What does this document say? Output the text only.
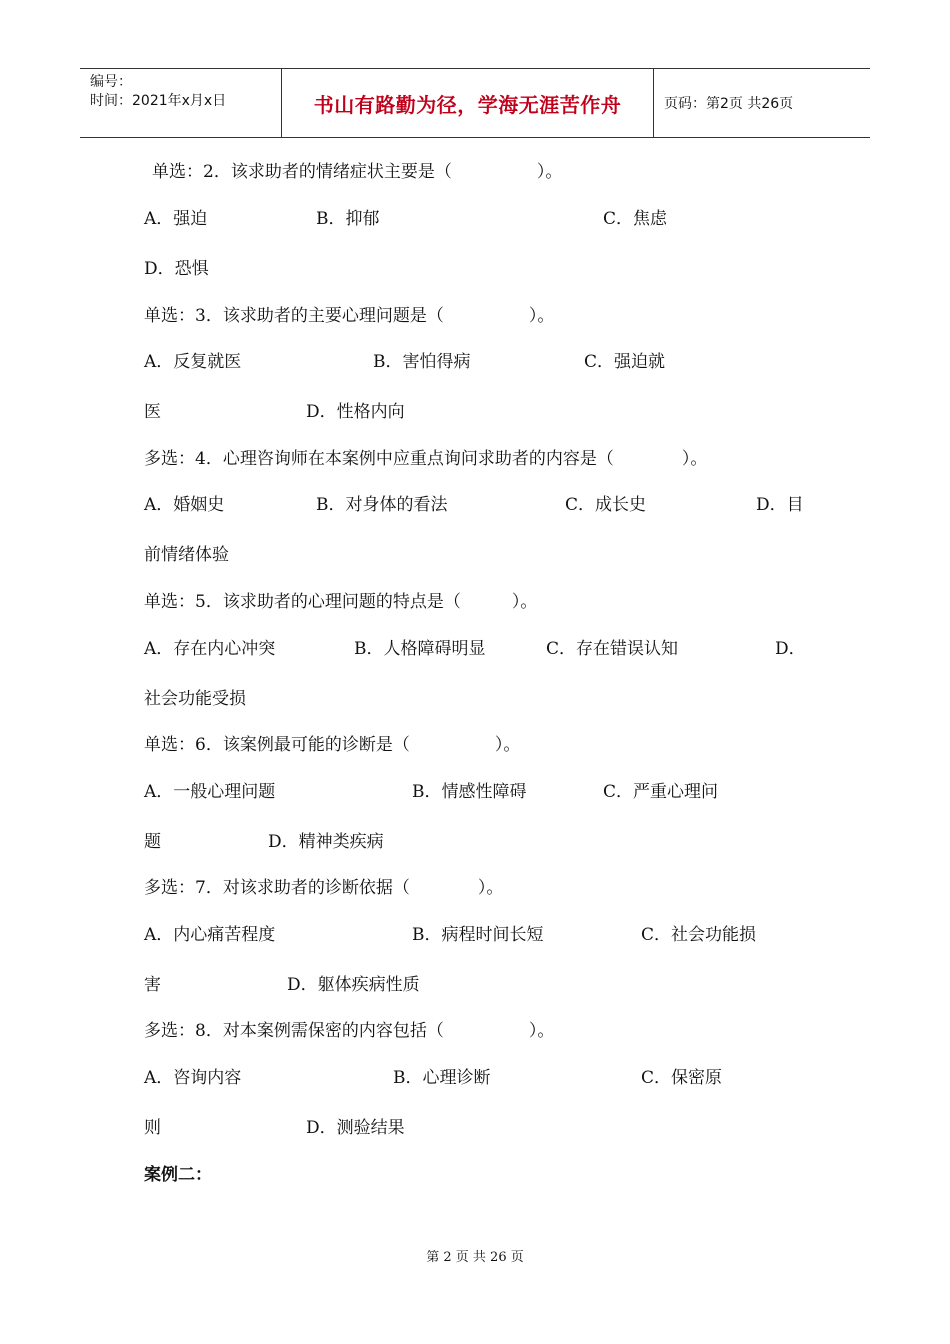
编号：
时间：2021年x月x日	书山有路勤为径，学海无涯苦作舟	页码：第2页 共26页
单选：2．该求助者的情绪症状主要是（　　　　　）。
A．强迫	B．抑郁	C．焦虑
D．恐惧
单选：3．该求助者的主要心理问题是（　　　　　）。
A．反复就医	B．害怕得病	C．强迫就
医	D．性格内向
多选：4．心理咨询师在本案例中应重点询问求助者的内容是（　　　　）。
A．婚姻史	B．对身体的看法	C．成长史	D．目
前情绪体验
单选：5．该求助者的心理问题的特点是（　　　）。
A．存在内心冲突	B．人格障碍明显	C．存在错误认知	D．
社会功能受损
单选：6．该案例最可能的诊断是（　　　　　）。
A．一般心理问题	B．情感性障碍	C．严重心理问
题	D．精神类疾病
多选：7．对该求助者的诊断依据（　　　　）。
A．内心痛苦程度	B．病程时间长短	C．社会功能损
害	D．躯体疾病性质
多选：8．对本案例需保密的内容包括（　　　　　）。
A．咨询内容	B．心理诊断	C．保密原
则	D．测验结果
案例二：
第 2 页 共 26 页
